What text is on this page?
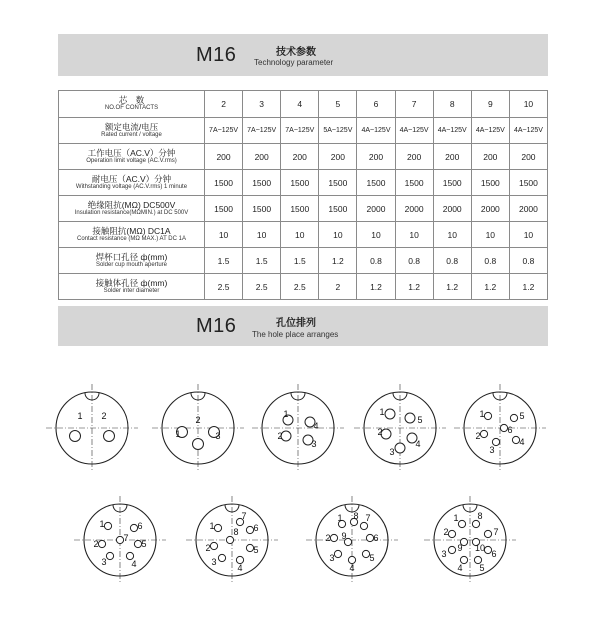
M16	技术参数
Technology parameter
芯　数
NO.OF CONTACTS	2	3	4	5	6	7	8	9	10

额定电流/电压
Rated current / voltage	7A~125V	7A~125V	7A~125V	5A~125V	4A~125V	4A~125V	4A~125V	4A~125V	4A~125V

工作电压（AC.V）分钟
Operation limit voltage (AC.V.rms)	200	200	200	200	200	200	200	200	200

耐电压（AC.V）分钟
Withstanding voltage (AC.V.rms) 1 minute	1500	1500	1500	1500	1500	1500	1500	1500	1500

绝缘阻抗(MΩ) DC500V
Insulation resistance(MΩMIN.) at DC 500V	1500	1500	1500	1500	2000	2000	2000	2000	2000

接触阻抗(MΩ) DC1A
Contact resistance (MΩ MAX.) AT DC 1A	10	10	10	10	10	10	10	10	10

焊杯口孔径 ф(mm)
Solder cup mouth aperture	1.5	1.5	1.5	1.2	0.8	0.8	0.8	0.8	0.8

接触体孔径 ф(mm)
Solder inter diameter	2.5	2.5	2.5	2	1.2	1.2	1.2	1.2	1.2
M16	孔位排列
The hole place arranges
1 2
1
2
3
1
2
3
4
1
2
3
4
5
1
2
3
4
5
6
1
2
3	4
5
6
7
1
2
3
4
5
6
7
8
1
2
3
4
5
6
7
8
9
1
2
3
4 5
6
7
8
9 10
